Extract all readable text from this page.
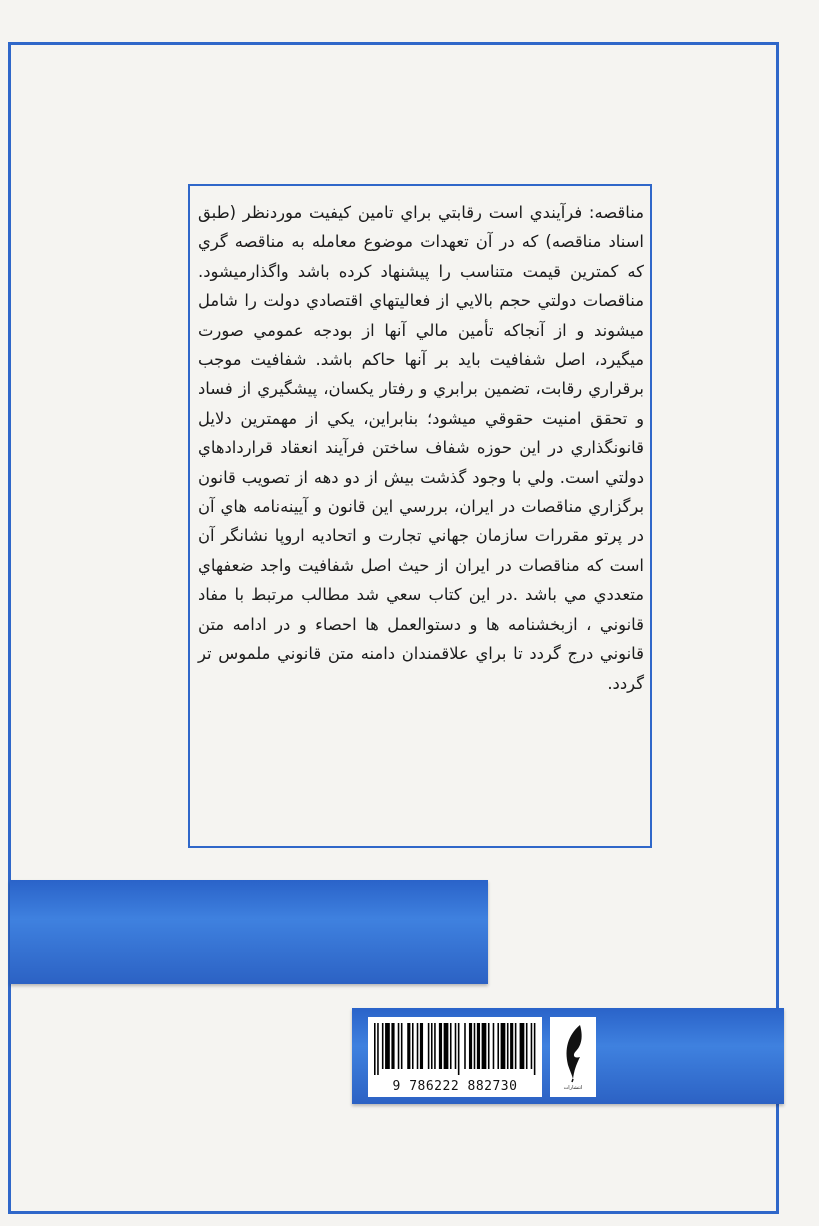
مناقصه: فرآيندي است رقابتي براي تامين كيفيت موردنظر (طبق اسناد مناقصه) كه در آن تعهدات موضوع معامله به مناقصه گري كه كمترين قيمت متناسب را پيشنهاد كرده باشد واگذارميشود. مناقصات دولتي حجم بالايي از فعاليتهاي اقتصادي دولت را شامل ميشوند و از آنجاكه تأمين مالي آنها از بودجه عمومي صورت ميگيرد، اصل شفافيت بايد بر آنها حاكم باشد. شفافيت موجب برقراري رقابت، تضمين برابري و رفتار يكسان، پيشگيري از فساد و تحقق امنيت حقوقي ميشود؛ بنابراين، يكي از مهمترين دلايل قانونگذاري در اين حوزه شفاف ساختن فرآيند انعقاد قراردادهاي دولتي است. ولي با وجود گذشت بيش از دو دهه از تصويب قانون برگزاري مناقصات در ايران، بررسي اين قانون و آيينه‌نامه هاي آن در پرتو مقررات سازمان جهاني تجارت و اتحاديه اروپا نشانگر آن است كه مناقصات در ايران از حيث اصل شفافيت واجد ضعفهاي متعددي مي باشد .در اين كتاب سعي شد مطالب مرتبط با مفاد قانوني ، ازبخشنامه ها و دستوالعمل ها احصاء و در ادامه متن قانوني درج گردد تا براي علاقمندان دامنه متن قانوني ملموس تر گردد.

9 786222 882730	انتشارات
